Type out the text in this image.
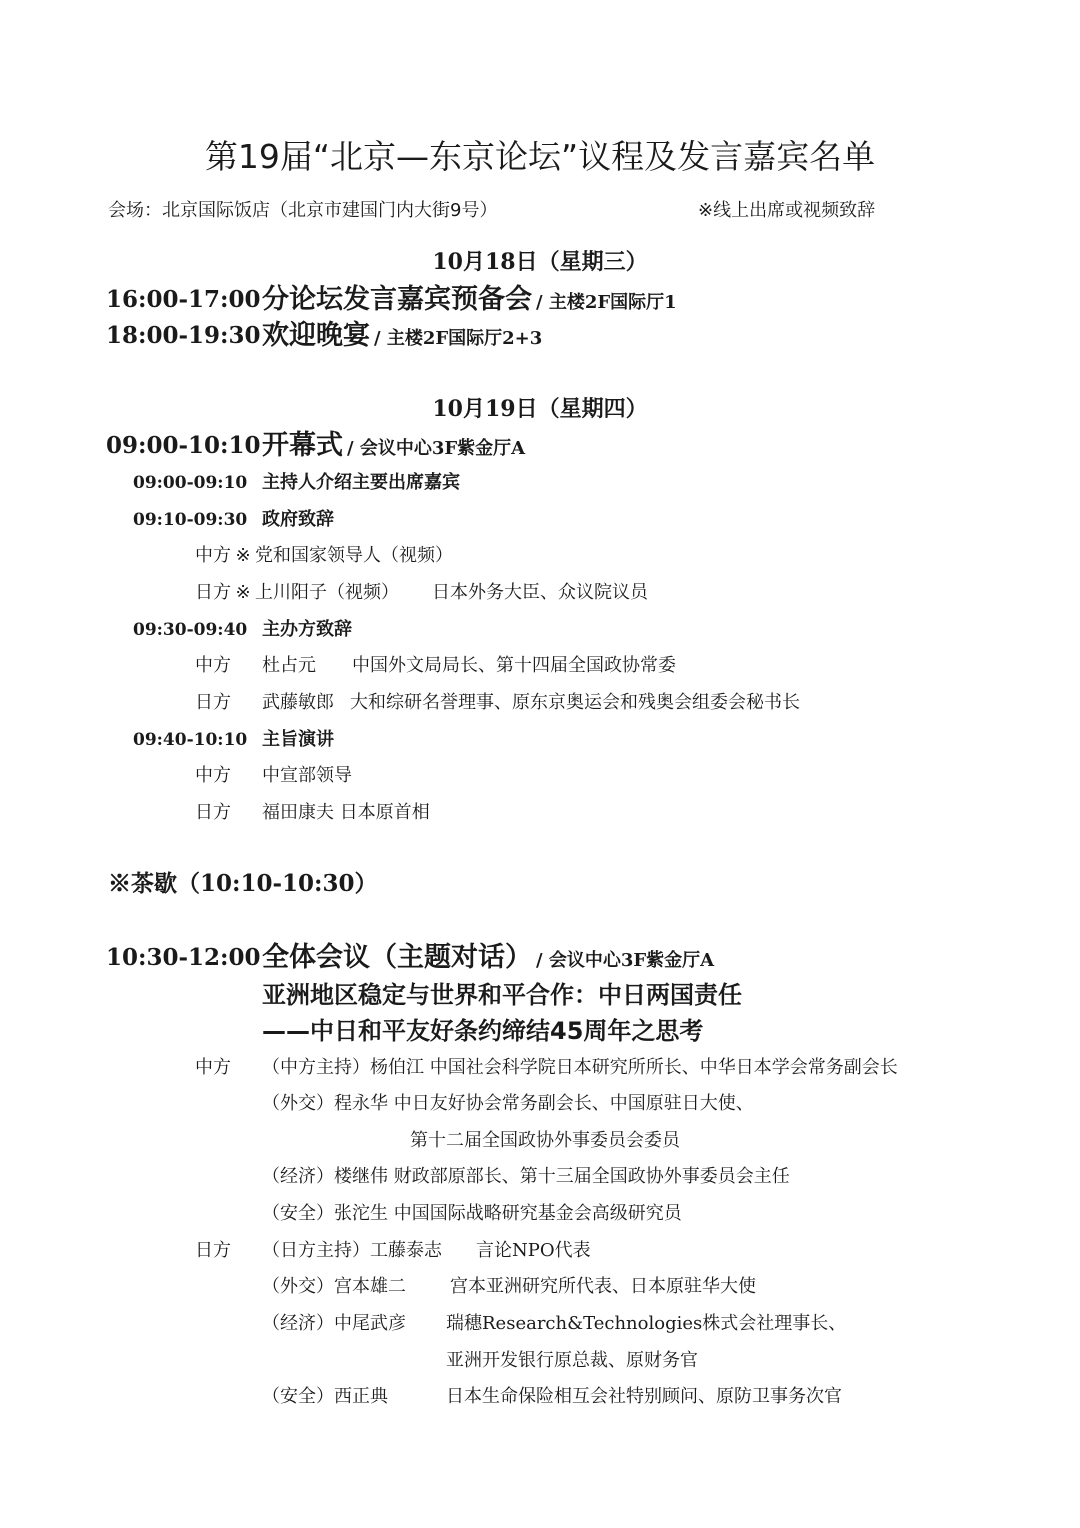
第19届“北京—东京论坛”议程及发言嘉宾名单
会场：北京国际饭店（北京市建国门内大街9号）	※线上出席或视频致辞
10月18日（星期三）
16:00-17:00 分论坛发言嘉宾预备会 / 主楼2F国际厅1
18:00-19:30 欢迎晚宴 / 主楼2F国际厅2+3
10月19日（星期四）
09:00-10:10 开幕式 / 会议中心3F紫金厅A
09:00-09:10 主持人介绍主要出席嘉宾
09:10-09:30 政府致辞
中方 ※ 党和国家领导人（视频）
日方 ※ 上川阳子（视频） 日本外务大臣、众议院议员
09:30-09:40 主办方致辞
中方 杜占元 中国外文局局长、第十四届全国政协常委
日方 武藤敏郎 大和综研名誉理事、原东京奥运会和残奥会组委会秘书长
09:40-10:10 主旨演讲
中方 中宣部领导
日方 福田康夫 日本原首相
※茶歇（10:10-10:30）
10:30-12:00 全体会议（主题对话） / 会议中心3F紫金厅A
亚洲地区稳定与世界和平合作：中日两国责任
——中日和平友好条约缔结45周年之思考
中方 （中方主持）杨伯江 中国社会科学院日本研究所所长、中华日本学会常务副会长
（外交）程永华 中日友好协会常务副会长、中国原驻日大使、
第十二届全国政协外事委员会委员
（经济）楼继伟 财政部原部长、第十三届全国政协外事委员会主任
（安全）张沱生 中国国际战略研究基金会高级研究员
日方 （日方主持）工藤泰志 言论NPO代表
（外交）宫本雄二 宫本亚洲研究所代表、日本原驻华大使
（经济）中尾武彦 瑞穗Research&Technologies株式会社理事长、
亚洲开发银行原总裁、原财务官
（安全）西正典	日本生命保险相互会社特别顾问、原防卫事务次官
